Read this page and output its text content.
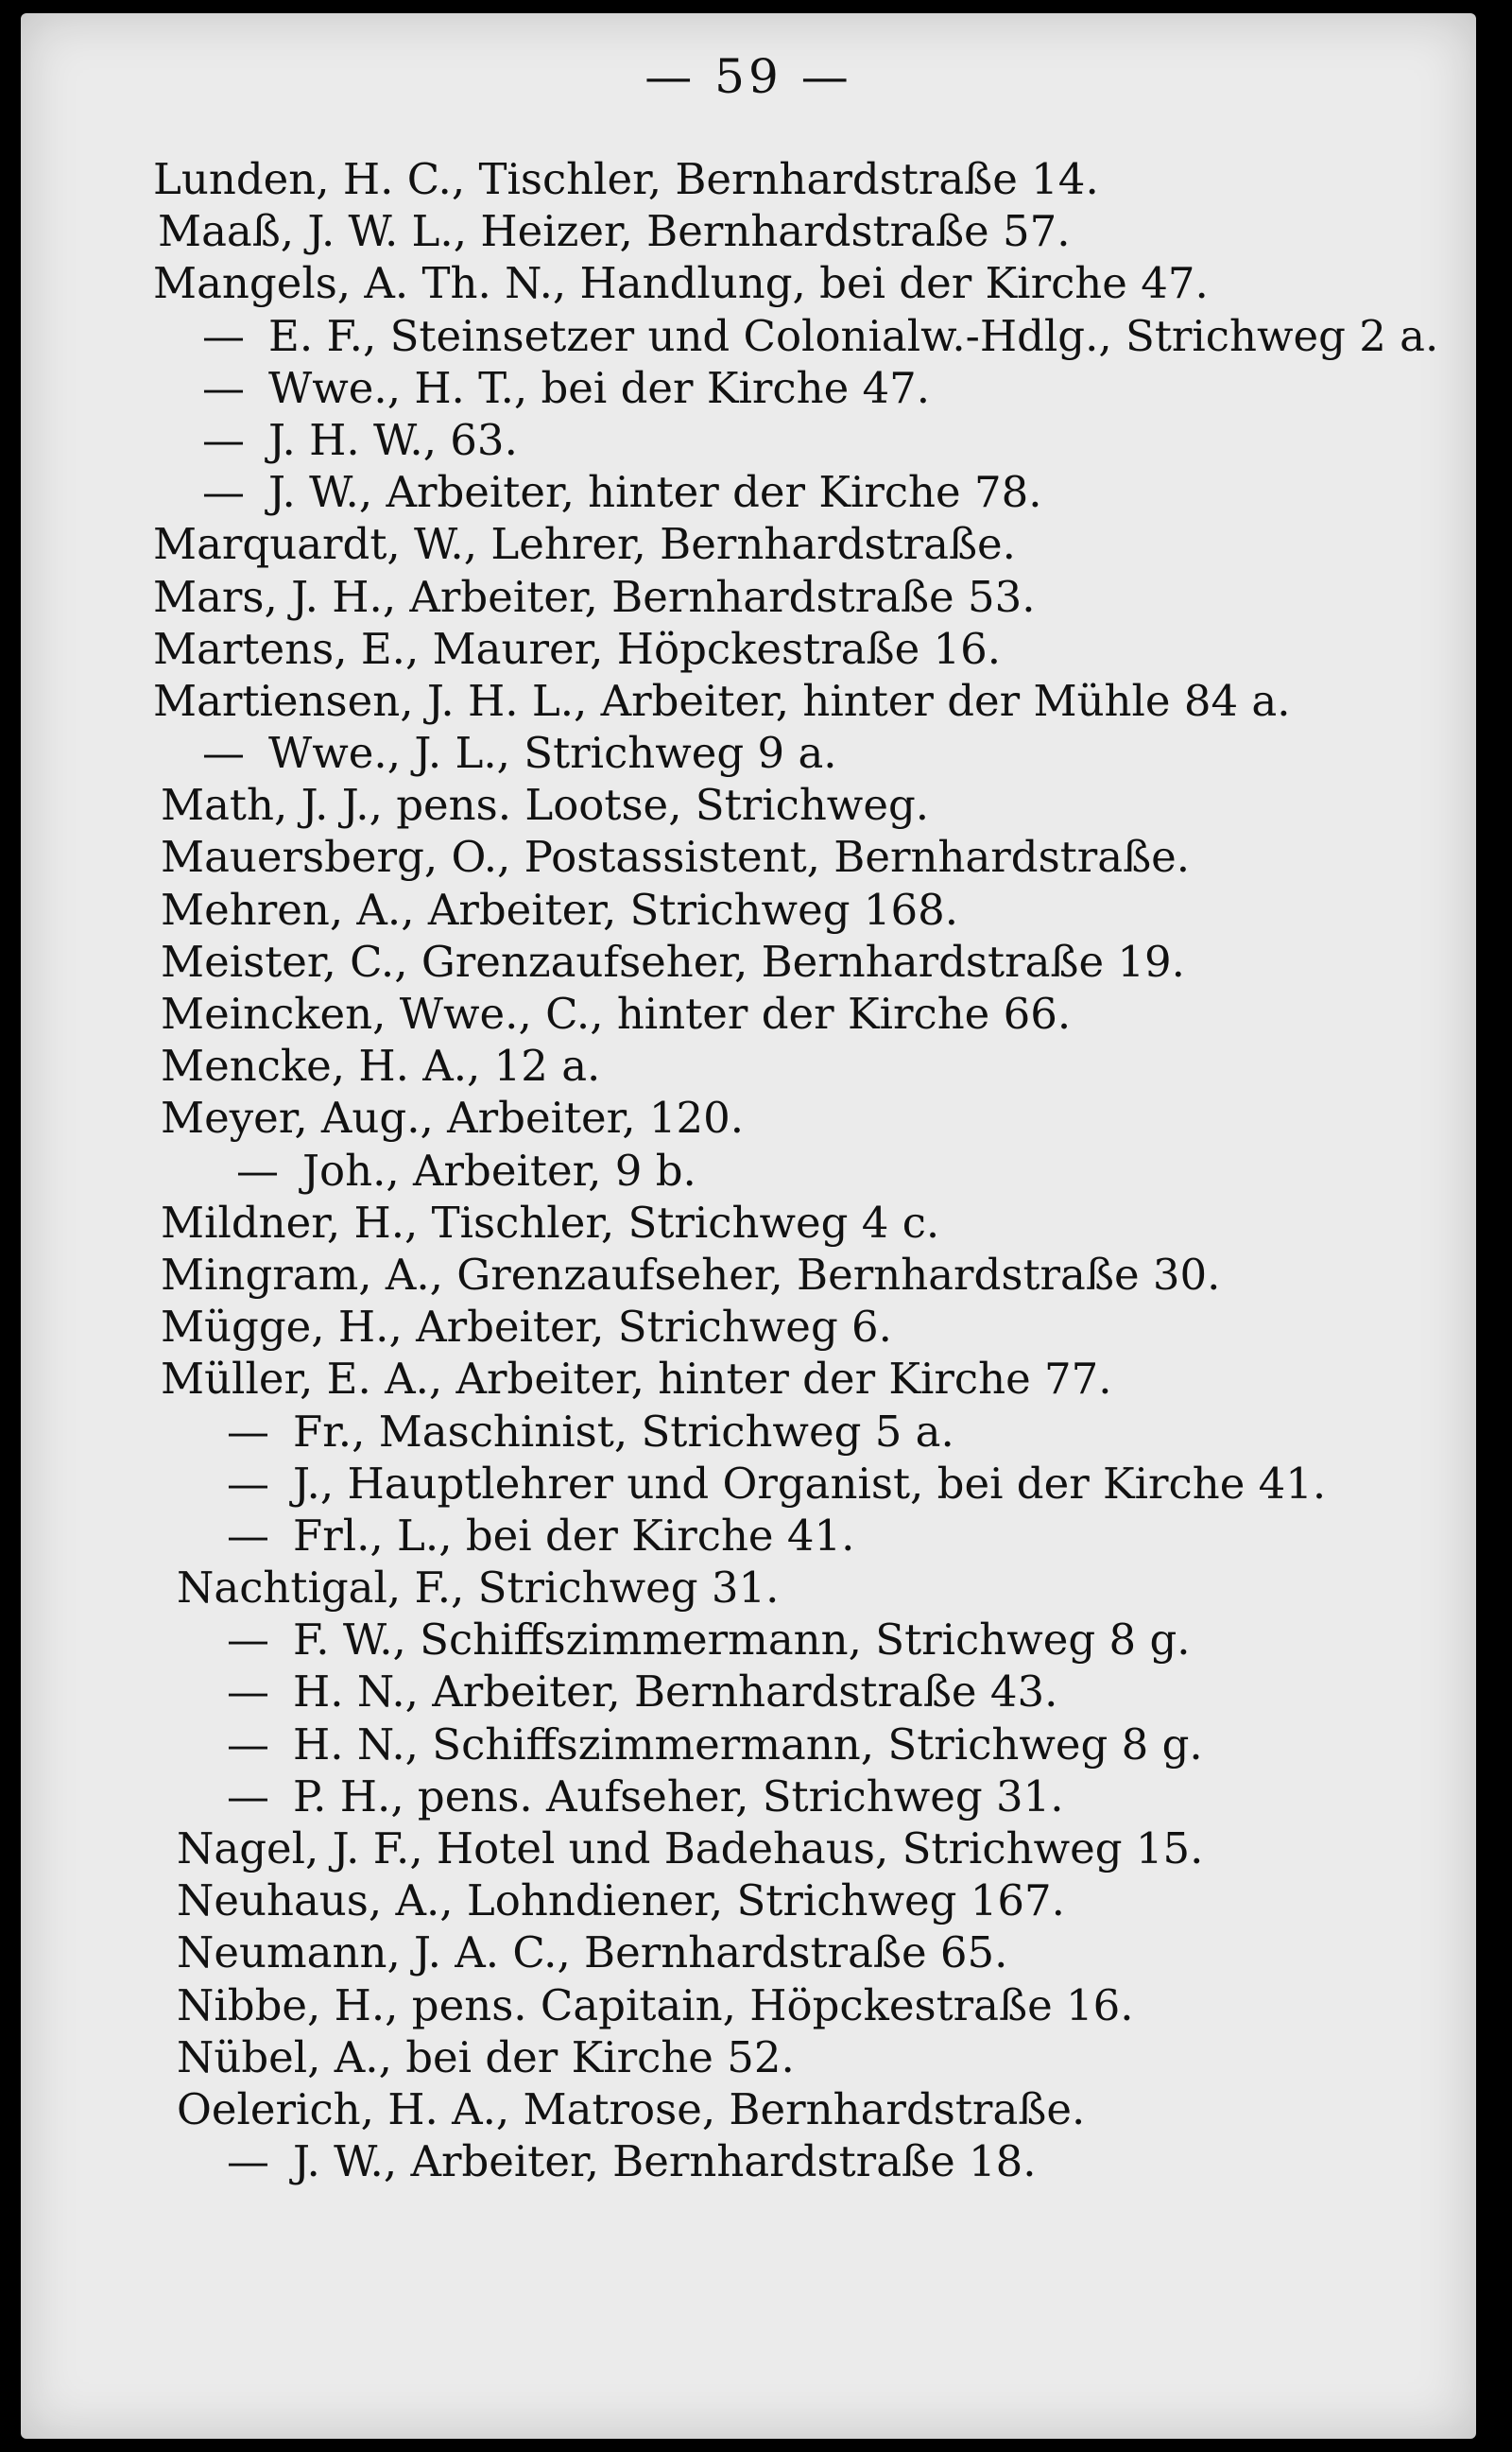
— 59 —
Lunden, H. C., Tischler, Bernhardstraße 14.
Maaß, J. W. L., Heizer, Bernhardstraße 57.
Mangels, A. Th. N., Handlung, bei der Kirche 47.
— E. F., Steinsetzer und Colonialw.-Hdlg., Strichweg 2 a.
— Wwe., H. T., bei der Kirche 47.
— J. H. W., 63.
— J. W., Arbeiter, hinter der Kirche 78.
Marquardt, W., Lehrer, Bernhardstraße.
Mars, J. H., Arbeiter, Bernhardstraße 53.
Martens, E., Maurer, Höpckestraße 16.
Martiensen, J. H. L., Arbeiter, hinter der Mühle 84 a.
— Wwe., J. L., Strichweg 9 a.
Math, J. J., pens. Lootse, Strichweg.
Mauersberg, O., Postassistent, Bernhardstraße.
Mehren, A., Arbeiter, Strichweg 168.
Meister, C., Grenzaufseher, Bernhardstraße 19.
Meincken, Wwe., C., hinter der Kirche 66.
Mencke, H. A., 12 a.
Meyer, Aug., Arbeiter, 120.
— Joh., Arbeiter, 9 b.
Mildner, H., Tischler, Strichweg 4 c.
Mingram, A., Grenzaufseher, Bernhardstraße 30.
Mügge, H., Arbeiter, Strichweg 6.
Müller, E. A., Arbeiter, hinter der Kirche 77.
— Fr., Maschinist, Strichweg 5 a.
— J., Hauptlehrer und Organist, bei der Kirche 41.
— Frl., L., bei der Kirche 41.
Nachtigal, F., Strichweg 31.
— F. W., Schiffszimmermann, Strichweg 8 g.
— H. N., Arbeiter, Bernhardstraße 43.
— H. N., Schiffszimmermann, Strichweg 8 g.
— P. H., pens. Aufseher, Strichweg 31.
Nagel, J. F., Hotel und Badehaus, Strichweg 15.
Neuhaus, A., Lohndiener, Strichweg 167.
Neumann, J. A. C., Bernhardstraße 65.
Nibbe, H., pens. Capitain, Höpckestraße 16.
Nübel, A., bei der Kirche 52.
Oelerich, H. A., Matrose, Bernhardstraße.
— J. W., Arbeiter, Bernhardstraße 18.
